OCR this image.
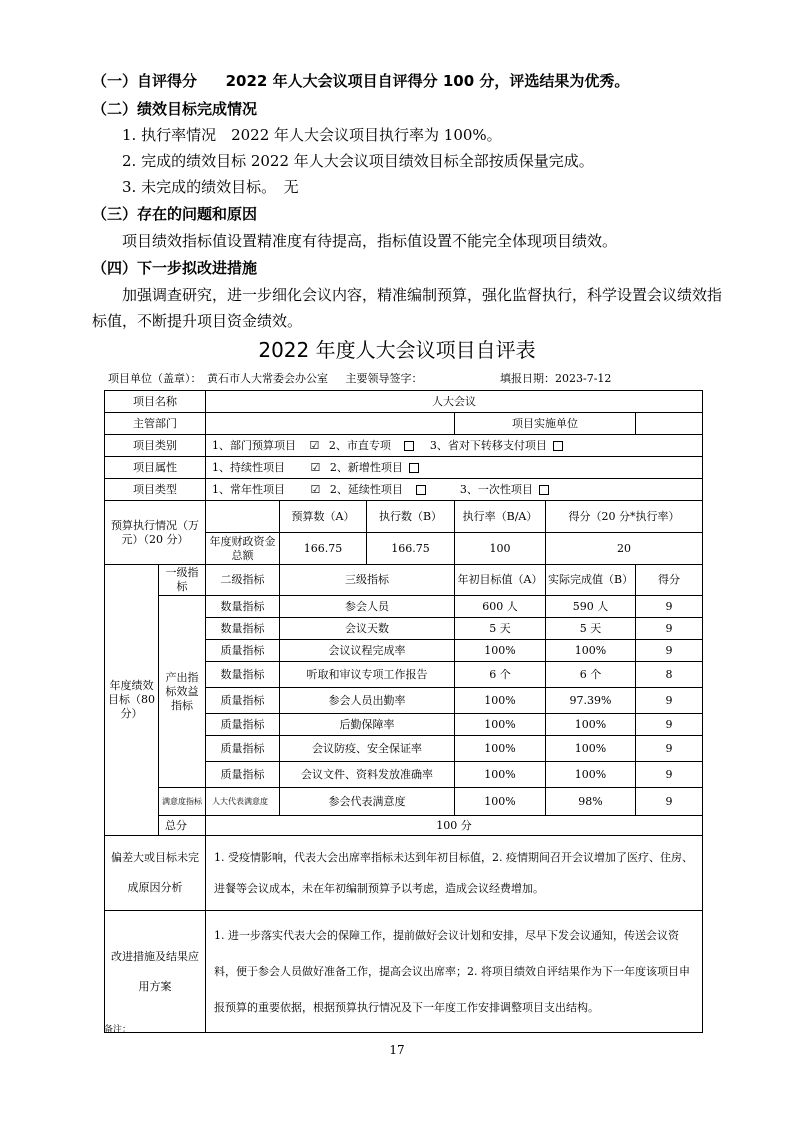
（一）自评得分 2022 年人大会议项目自评得分 100 分，评选结果为优秀。
（二）绩效目标完成情况
1. 执行率情况　2022 年人大会议项目执行率为 100%。
2. 完成的绩效目标 2022 年人大会议项目绩效目标全部按质保量完成。
3. 未完成的绩效目标。　无
（三）存在的问题和原因
项目绩效指标值设置精准度有待提高，指标值设置不能完全体现项目绩效。
（四）下一步拟改进措施
加强调查研究，进一步细化会议内容，精准编制预算，强化监督执行，科学设置会议绩效指标值，不断提升项目资金绩效。
2022 年度人大会议项目自评表
项目单位（盖章）：　黄石市人大常委会办公室 主要领导签字：	填报日期：2023-7-12
项目名称		人大会议					
主管部门					项目实施单位		
项目类别		1、部门预算项目 ☑ 2、市直专项 3、省对下转移支付项目					
项目属性		1、持续性项目 ☑ 2、新增性项目					
项目类型		1、常年性项目 ☑ 2、延续性项目 3、一次性项目					
预算执行情况（万元）（20 分）			预算数（A）	执行数（B）	执行率（B/A）	得分（20 分*执行率）	
		年度财政资金总额	166.75	166.75	100	20	
年度绩效目标（80 分）	一级指标	二级指标	三级指标		年初目标值（A）	实际完成值（B）	得分
	产出指标效益指标	数量指标	参会人员		600 人	590 人	9
		数量指标	会议天数		5 天	5 天	9
		质量指标	会议议程完成率		100%	100%	9
		数量指标	听取和审议专项工作报告		6 个	6 个	8
		质量指标	参会人员出勤率		100%	97.39%	9
		质量指标	后勤保障率		100%	100%	9
		质量指标	会议防疫、安全保证率		100%	100%	9
		质量指标	会议文件、资料发放准确率		100%	100%	9
	满意度指标	人大代表满意度	参会代表满意度		100%	98%	9
	总分	100 分					
偏差大或目标未完成原因分析		1. 受疫情影响，代表大会出席率指标未达到年初目标值，2. 疫情期间召开会议增加了医疗、住房、进餐等会议成本，未在年初编制预算予以考虑，造成会议经费增加。					
改进措施及结果应用方案		1. 进一步落实代表大会的保障工作，提前做好会议计划和安排，尽早下发会议通知，传送会议资料，便于参会人员做好准备工作，提高会议出席率；2. 将项目绩效自评结果作为下一年度该项目申报预算的重要依据，根据预算执行情况及下一年度工作安排调整项目支出结构。					
备注：
17
